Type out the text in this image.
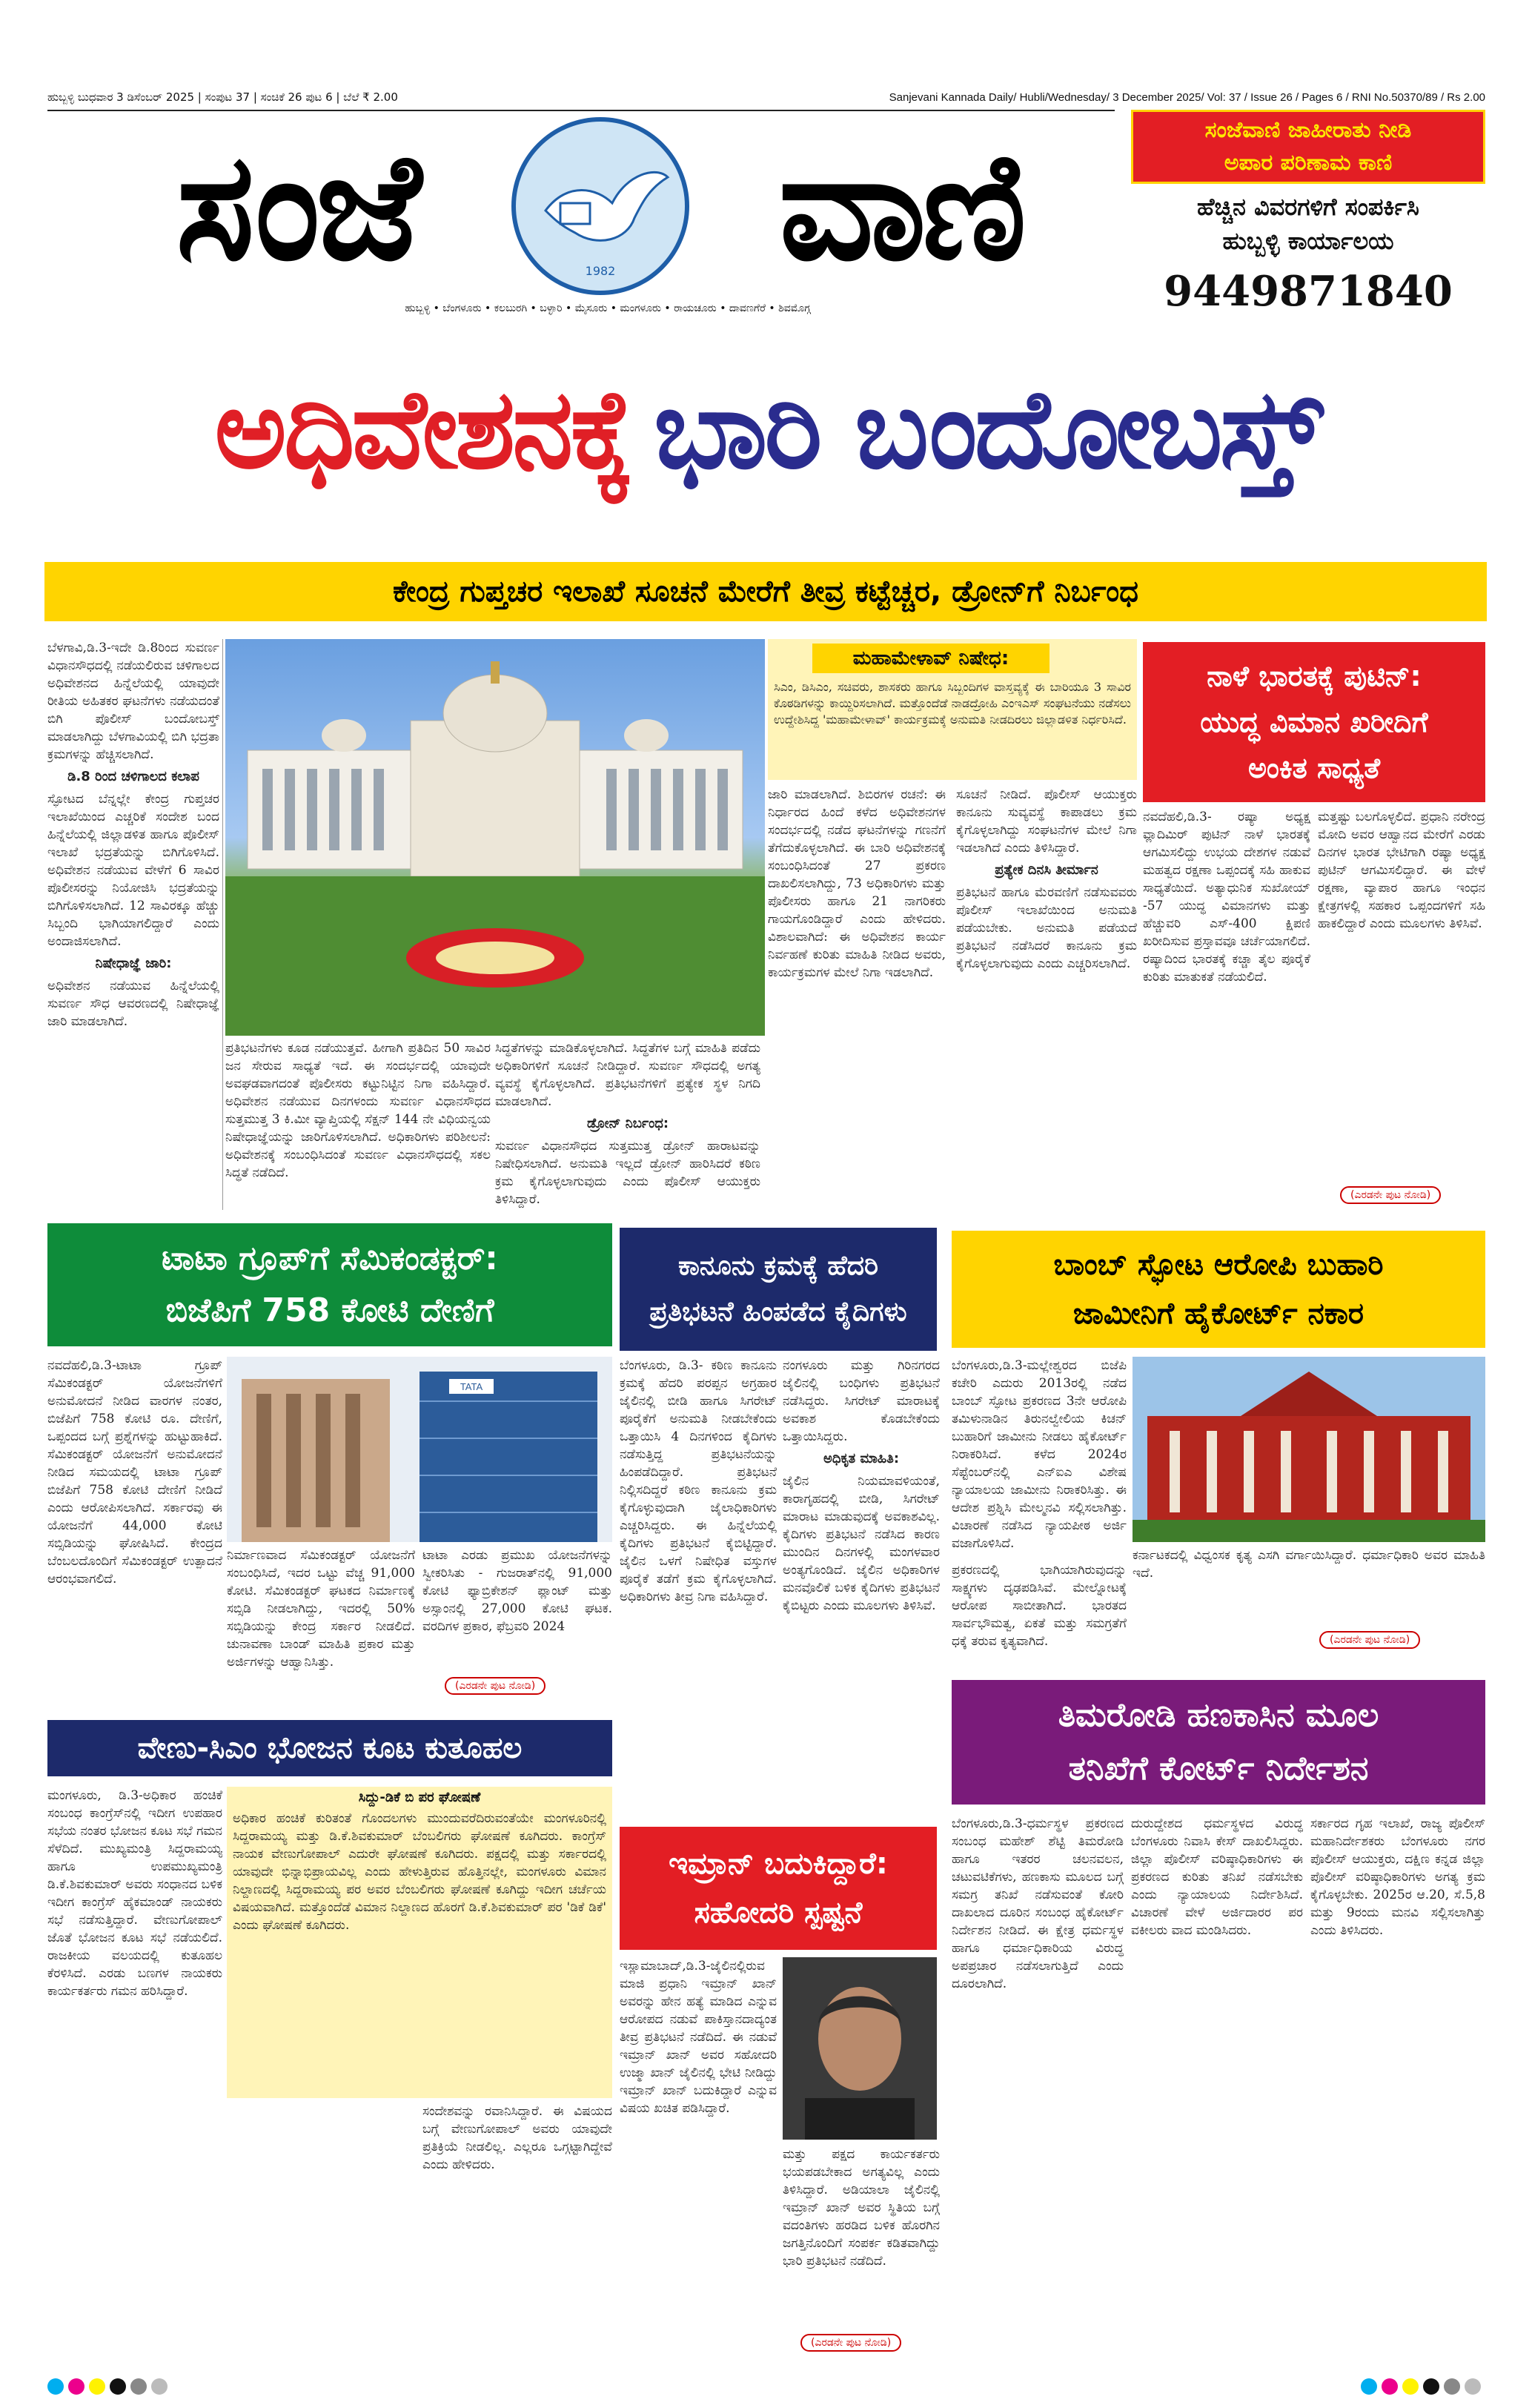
ಹುಬ್ಬಳ್ಳಿ ಬುಧವಾರ 3 ಡಿಸೆಂಬರ್ 2025 | ಸಂಪುಟ 37 | ಸಂಚಿಕೆ 26 ಪುಟ 6 | ಬೆಲೆ ₹ 2.00	Sanjevani Kannada Daily/ Hubli/Wednesday/ 3 December 2025/ Vol: 37 / Issue 26 / Pages 6 / RNI No.50370/89 / Rs 2.00
ಸಂಜೆ	1982	ವಾಣಿ
ಹುಬ್ಬಳ್ಳಿ • ಬೆಂಗಳೂರು • ಕಲಬುರಗಿ • ಬಳ್ಳಾರಿ • ಮೈಸೂರು • ಮಂಗಳೂರು • ರಾಯಚೂರು • ದಾವಣಗೆರೆ • ಶಿವಮೊಗ್ಗ
ಸಂಜೆವಾಣಿ ಜಾಹೀರಾತು ನೀಡಿ
ಅಪಾರ ಪರಿಣಾಮ ಕಾಣಿ
ಹೆಚ್ಚಿನ ವಿವರಗಳಿಗೆ ಸಂಪರ್ಕಿಸಿ
ಹುಬ್ಬಳ್ಳಿ ಕಾರ್ಯಾಲಯ
9449871840
ಅಧಿವೇಶನಕ್ಕೆ ಭಾರಿ ಬಂದೋಬಸ್ತ್
ಕೇಂದ್ರ ಗುಪ್ತಚರ ಇಲಾಖೆ ಸೂಚನೆ ಮೇರೆಗೆ ತೀವ್ರ ಕಟ್ಟೆಚ್ಚರ, ಡ್ರೋನ್‌ಗೆ ನಿರ್ಬಂಧ
ಬೆಳಗಾವಿ,ಡಿ.3-ಇದೇ ಡಿ.8ರಿಂದ ಸುವರ್ಣ ವಿಧಾನಸೌಧದಲ್ಲಿ ನಡೆಯಲಿರುವ ಚಳಿಗಾಲದ ಅಧಿವೇಶನದ ಹಿನ್ನೆಲೆಯಲ್ಲಿ ಯಾವುದೇ ರೀತಿಯ ಅಹಿತಕರ ಘಟನೆಗಳು ನಡೆಯದಂತೆ ಬಿಗಿ ಪೊಲೀಸ್ ಬಂದೋಬಸ್ತ್ ಮಾಡಲಾಗಿದ್ದು ಬೆಳಗಾವಿಯಲ್ಲಿ ಬಿಗಿ ಭದ್ರತಾ ಕ್ರಮಗಳನ್ನು ಹೆಚ್ಚಿಸಲಾಗಿದೆ.
ಡಿ.8 ರಿಂದ ಚಳಿಗಾಲದ ಕಲಾಪ
ಸ್ಫೋಟದ ಬೆನ್ನಲ್ಲೇ ಕೇಂದ್ರ ಗುಪ್ತಚರ ಇಲಾಖೆಯಿಂದ ಎಚ್ಚರಿಕೆ ಸಂದೇಶ ಬಂದ ಹಿನ್ನೆಲೆಯಲ್ಲಿ ಜಿಲ್ಲಾಡಳಿತ ಹಾಗೂ ಪೊಲೀಸ್ ಇಲಾಖೆ ಭದ್ರತೆಯನ್ನು ಬಿಗಿಗೊಳಿಸಿದೆ. ಅಧಿವೇಶನ ನಡೆಯುವ ವೇಳೆಗೆ 6 ಸಾವಿರ ಪೊಲೀಸರನ್ನು ನಿಯೋಜಿಸಿ ಭದ್ರತೆಯನ್ನು ಬಿಗಿಗೊಳಿಸಲಾಗಿದೆ. 12 ಸಾವಿರಕ್ಕೂ ಹೆಚ್ಚು ಸಿಬ್ಬಂದಿ ಭಾಗಿಯಾಗಲಿದ್ದಾರೆ ಎಂದು ಅಂದಾಜಿಸಲಾಗಿದೆ.
ನಿಷೇಧಾಜ್ಞೆ ಜಾರಿ:
ಅಧಿವೇಶನ ನಡೆಯುವ ಹಿನ್ನೆಲೆಯಲ್ಲಿ ಸುವರ್ಣ ಸೌಧ ಆವರಣದಲ್ಲಿ ನಿಷೇಧಾಜ್ಞೆ ಜಾರಿ ಮಾಡಲಾಗಿದೆ.
ಪ್ರತಿಭಟನೆಗಳು ಕೂಡ ನಡೆಯುತ್ತವೆ. ಹೀಗಾಗಿ ಪ್ರತಿದಿನ 50 ಸಾವಿರ ಜನ ಸೇರುವ ಸಾಧ್ಯತೆ ಇದೆ. ಈ ಸಂದರ್ಭದಲ್ಲಿ ಯಾವುದೇ ಅವಘಡವಾಗದಂತೆ ಪೊಲೀಸರು ಕಟ್ಟುನಿಟ್ಟಿನ ನಿಗಾ ವಹಿಸಿದ್ದಾರೆ. ಅಧಿವೇಶನ ನಡೆಯುವ ದಿನಗಳಂದು ಸುವರ್ಣ ವಿಧಾನಸೌಧದ ಸುತ್ತಮುತ್ತ 3 ಕಿ.ಮೀ ವ್ಯಾಪ್ತಿಯಲ್ಲಿ ಸೆಕ್ಷನ್ 144 ನೇ ವಿಧಿಯನ್ವಯ ನಿಷೇಧಾಜ್ಞೆಯನ್ನು ಜಾರಿಗೊಳಿಸಲಾಗಿದೆ. ಅಧಿಕಾರಿಗಳು ಪರಿಶೀಲನೆ: ಅಧಿವೇಶನಕ್ಕೆ ಸಂಬಂಧಿಸಿದಂತೆ ಸುವರ್ಣ ವಿಧಾನಸೌಧದಲ್ಲಿ ಸಕಲ ಸಿದ್ಧತೆ ನಡೆದಿದೆ.
ಸಿದ್ಧತೆಗಳನ್ನು ಮಾಡಿಕೊಳ್ಳಲಾಗಿದೆ. ಸಿದ್ಧತೆಗಳ ಬಗ್ಗೆ ಮಾಹಿತಿ ಪಡೆದು ಅಧಿಕಾರಿಗಳಿಗೆ ಸೂಚನೆ ನೀಡಿದ್ದಾರೆ. ಸುವರ್ಣ ಸೌಧದಲ್ಲಿ ಅಗತ್ಯ ವ್ಯವಸ್ಥೆ ಕೈಗೊಳ್ಳಲಾಗಿದೆ. ಪ್ರತಿಭಟನೆಗಳಿಗೆ ಪ್ರತ್ಯೇಕ ಸ್ಥಳ ನಿಗದಿ ಮಾಡಲಾಗಿದೆ.
ಡ್ರೋನ್ ನಿರ್ಬಂಧ:
ಸುವರ್ಣ ವಿಧಾನಸೌಧದ ಸುತ್ತಮುತ್ತ ಡ್ರೋನ್ ಹಾರಾಟವನ್ನು ನಿಷೇಧಿಸಲಾಗಿದೆ. ಅನುಮತಿ ಇಲ್ಲದೆ ಡ್ರೋನ್ ಹಾರಿಸಿದರೆ ಕಠಿಣ ಕ್ರಮ ಕೈಗೊಳ್ಳಲಾಗುವುದು ಎಂದು ಪೊಲೀಸ್ ಆಯುಕ್ತರು ತಿಳಿಸಿದ್ದಾರೆ.
ಮಹಾಮೇಳಾವ್ ನಿಷೇಧ:
ಸಿಎಂ, ಡಿಸಿಎಂ, ಸಚಿವರು, ಶಾಸಕರು ಹಾಗೂ ಸಿಬ್ಬಂದಿಗಳ ವಾಸ್ತವ್ಯಕ್ಕೆ ಈ ಬಾರಿಯೂ 3 ಸಾವಿರ ಕೊಠಡಿಗಳನ್ನು ಕಾಯ್ದಿರಿಸಲಾಗಿದೆ. ಮತ್ತೊಂದೆಡೆ ನಾಡದ್ರೋಹಿ ಎಂಇಎಸ್ ಸಂಘಟನೆಯು ನಡೆಸಲು ಉದ್ದೇಶಿಸಿದ್ದ 'ಮಹಾಮೇಳಾವ್' ಕಾರ್ಯಕ್ರಮಕ್ಕೆ ಅನುಮತಿ ನೀಡದಿರಲು ಜಿಲ್ಲಾಡಳಿತ ನಿರ್ಧರಿಸಿದೆ.
ಜಾರಿ ಮಾಡಲಾಗಿದೆ. ಶಿಬಿರಗಳ ರಚನೆ: ಈ ನಿರ್ಧಾರದ ಹಿಂದೆ ಕಳೆದ ಅಧಿವೇಶನಗಳ ಸಂದರ್ಭದಲ್ಲಿ ನಡೆದ ಘಟನೆಗಳನ್ನು ಗಣನೆಗೆ ತೆಗೆದುಕೊಳ್ಳಲಾಗಿದೆ. ಈ ಬಾರಿ ಅಧಿವೇಶನಕ್ಕೆ ಸಂಬಂಧಿಸಿದಂತೆ 27 ಪ್ರಕರಣ ದಾಖಲಿಸಲಾಗಿದ್ದು, 73 ಅಧಿಕಾರಿಗಳು ಮತ್ತು ಪೊಲೀಸರು ಹಾಗೂ 21 ನಾಗರಿಕರು ಗಾಯಗೊಂಡಿದ್ದಾರೆ ಎಂದು ಹೇಳಿದರು. ವಿಶಾಲವಾಗಿದೆ: ಈ ಅಧಿವೇಶನ ಕಾರ್ಯ ನಿರ್ವಹಣೆ ಕುರಿತು ಮಾಹಿತಿ ನೀಡಿದ ಅವರು, ಕಾರ್ಯಕ್ರಮಗಳ ಮೇಲೆ ನಿಗಾ ಇಡಲಾಗಿದೆ.
ಸೂಚನೆ ನೀಡಿದೆ. ಪೊಲೀಸ್ ಆಯುಕ್ತರು ಕಾನೂನು ಸುವ್ಯವಸ್ಥೆ ಕಾಪಾಡಲು ಕ್ರಮ ಕೈಗೊಳ್ಳಲಾಗಿದ್ದು ಸಂಘಟನೆಗಳ ಮೇಲೆ ನಿಗಾ ಇಡಲಾಗಿದೆ ಎಂದು ತಿಳಿಸಿದ್ದಾರೆ.
ಪ್ರತ್ಯೇಕ ದಿನಸಿ ತೀರ್ಮಾನ
ಪ್ರತಿಭಟನೆ ಹಾಗೂ ಮೆರವಣಿಗೆ ನಡೆಸುವವರು ಪೊಲೀಸ್ ಇಲಾಖೆಯಿಂದ ಅನುಮತಿ ಪಡೆಯಬೇಕು. ಅನುಮತಿ ಪಡೆಯದೆ ಪ್ರತಿಭಟನೆ ನಡೆಸಿದರೆ ಕಾನೂನು ಕ್ರಮ ಕೈಗೊಳ್ಳಲಾಗುವುದು ಎಂದು ಎಚ್ಚರಿಸಲಾಗಿದೆ.
ನಾಳೆ ಭಾರತಕ್ಕೆ ಪುಟಿನ್:
ಯುದ್ಧ ವಿಮಾನ ಖರೀದಿಗೆ
ಅಂಕಿತ ಸಾಧ್ಯತೆ
ನವದೆಹಲಿ,ಡಿ.3- ರಷ್ಯಾ ಅಧ್ಯಕ್ಷ ವ್ಲಾದಿಮಿರ್ ಪುಟಿನ್ ನಾಳೆ ಭಾರತಕ್ಕೆ ಆಗಮಿಸಲಿದ್ದು ಉಭಯ ದೇಶಗಳ ನಡುವೆ ಮಹತ್ವದ ರಕ್ಷಣಾ ಒಪ್ಪಂದಕ್ಕೆ ಸಹಿ ಹಾಕುವ ಸಾಧ್ಯತೆಯಿದೆ. ಅತ್ಯಾಧುನಿಕ ಸುಖೋಯ್ -57 ಯುದ್ಧ ವಿಮಾನಗಳು ಮತ್ತು ಹೆಚ್ಚುವರಿ ಎಸ್-400 ಕ್ಷಿಪಣಿ ಖರೀದಿಸುವ ಪ್ರಸ್ತಾವವೂ ಚರ್ಚೆಯಾಗಲಿದೆ. ರಷ್ಯಾದಿಂದ ಭಾರತಕ್ಕೆ ಕಚ್ಚಾ ತೈಲ ಪೂರೈಕೆ ಕುರಿತು ಮಾತುಕತೆ ನಡೆಯಲಿದೆ.
ಮತ್ತಷ್ಟು ಬಲಗೊಳ್ಳಲಿದೆ. ಪ್ರಧಾನಿ ನರೇಂದ್ರ ಮೋದಿ ಅವರ ಆಹ್ವಾನದ ಮೇರೆಗೆ ಎರಡು ದಿನಗಳ ಭಾರತ ಭೇಟಿಗಾಗಿ ರಷ್ಯಾ ಅಧ್ಯಕ್ಷ ಪುಟಿನ್ ಆಗಮಿಸಲಿದ್ದಾರೆ. ಈ ವೇಳೆ ರಕ್ಷಣಾ, ವ್ಯಾಪಾರ ಹಾಗೂ ಇಂಧನ ಕ್ಷೇತ್ರಗಳಲ್ಲಿ ಸಹಕಾರ ಒಪ್ಪಂದಗಳಿಗೆ ಸಹಿ ಹಾಕಲಿದ್ದಾರೆ ಎಂದು ಮೂಲಗಳು ತಿಳಿಸಿವೆ.
(ಎರಡನೇ ಪುಟ ನೋಡಿ)
ಟಾಟಾ ಗ್ರೂಪ್‌ಗೆ ಸೆಮಿಕಂಡಕ್ಟರ್:
ಬಿಜೆಪಿಗೆ 758 ಕೋಟಿ ದೇಣಿಗೆ
ನವದೆಹಲಿ,ಡಿ.3-ಟಾಟಾ ಗ್ರೂಪ್ ಸೆಮಿಕಂಡಕ್ಟರ್ ಯೋಜನೆಗಳಿಗೆ ಅನುಮೋದನೆ ನೀಡಿದ ವಾರಗಳ ನಂತರ, ಬಿಜೆಪಿಗೆ 758 ಕೋಟಿ ರೂ. ದೇಣಿಗೆ, ಒಪ್ಪಂದದ ಬಗ್ಗೆ ಪ್ರಶ್ನೆಗಳನ್ನು ಹುಟ್ಟುಹಾಕಿದೆ. ಸೆಮಿಕಂಡಕ್ಟರ್ ಯೋಜನೆಗೆ ಅನುಮೋದನೆ ನೀಡಿದ ಸಮಯದಲ್ಲಿ ಟಾಟಾ ಗ್ರೂಪ್ ಬಿಜೆಪಿಗೆ 758 ಕೋಟಿ ದೇಣಿಗೆ ನೀಡಿದೆ ಎಂದು ಆರೋಪಿಸಲಾಗಿದೆ. ಸರ್ಕಾರವು ಈ ಯೋಜನೆಗೆ 44,000 ಕೋಟಿ ಸಬ್ಸಿಡಿಯನ್ನು ಘೋಷಿಸಿದೆ. ಕೇಂದ್ರದ ಬೆಂಬಲದೊಂದಿಗೆ ಸೆಮಿಕಂಡಕ್ಟರ್ ಉತ್ಪಾದನೆ ಆರಂಭವಾಗಲಿದೆ.
TATA
ನಿರ್ಮಾಣವಾದ ಸೆಮಿಕಂಡಕ್ಟರ್ ಯೋಜನೆಗೆ ಸಂಬಂಧಿಸಿದೆ, ಇದರ ಒಟ್ಟು ವೆಚ್ಚ 91,000 ಕೋಟಿ. ಸೆಮಿಕಂಡಕ್ಟರ್ ಘಟಕದ ನಿರ್ಮಾಣಕ್ಕೆ ಸಬ್ಸಿಡಿ ನೀಡಲಾಗಿದ್ದು, ಇದರಲ್ಲಿ 50% ಸಬ್ಸಿಡಿಯನ್ನು ಕೇಂದ್ರ ಸರ್ಕಾರ ನೀಡಲಿದೆ. ಚುನಾವಣಾ ಬಾಂಡ್ ಮಾಹಿತಿ ಪ್ರಕಾರ ಮತ್ತು ಅರ್ಜಿಗಳನ್ನು ಆಹ್ವಾನಿಸಿತ್ತು.
ಟಾಟಾ ಎರಡು ಪ್ರಮುಖ ಯೋಜನೆಗಳನ್ನು ಸ್ವೀಕರಿಸಿತು - ಗುಜರಾತ್‌ನಲ್ಲಿ 91,000 ಕೋಟಿ ಫ್ಯಾಬ್ರಿಕೇಶನ್ ಪ್ಲಾಂಟ್ ಮತ್ತು ಅಸ್ಸಾಂನಲ್ಲಿ 27,000 ಕೋಟಿ ಘಟಕ. ವರದಿಗಳ ಪ್ರಕಾರ, ಫೆಬ್ರವರಿ 2024
(ಎರಡನೇ ಪುಟ ನೋಡಿ)
ಕಾನೂನು ಕ್ರಮಕ್ಕೆ ಹೆದರಿ
ಪ್ರತಿಭಟನೆ ಹಿಂಪಡೆದ ಕೈದಿಗಳು
ಬೆಂಗಳೂರು, ಡಿ.3- ಕಠಿಣ ಕಾನೂನು ಕ್ರಮಕ್ಕೆ ಹೆದರಿ ಪರಪ್ಪನ ಅಗ್ರಹಾರ ಜೈಲಿನಲ್ಲಿ ಬೀಡಿ ಹಾಗೂ ಸಿಗರೇಟ್ ಪೂರೈಕೆಗೆ ಅನುಮತಿ ನೀಡಬೇಕೆಂದು ಒತ್ತಾಯಿಸಿ 4 ದಿನಗಳಿಂದ ಕೈದಿಗಳು ನಡೆಸುತ್ತಿದ್ದ ಪ್ರತಿಭಟನೆಯನ್ನು ಹಿಂಪಡೆದಿದ್ದಾರೆ. ಪ್ರತಿಭಟನೆ ನಿಲ್ಲಿಸದಿದ್ದರೆ ಕಠಿಣ ಕಾನೂನು ಕ್ರಮ ಕೈಗೊಳ್ಳುವುದಾಗಿ ಜೈಲಾಧಿಕಾರಿಗಳು ಎಚ್ಚರಿಸಿದ್ದರು. ಈ ಹಿನ್ನೆಲೆಯಲ್ಲಿ ಕೈದಿಗಳು ಪ್ರತಿಭಟನೆ ಕೈಬಿಟ್ಟಿದ್ದಾರೆ. ಜೈಲಿನ ಒಳಗೆ ನಿಷೇಧಿತ ವಸ್ತುಗಳ ಪೂರೈಕೆ ತಡೆಗೆ ಕ್ರಮ ಕೈಗೊಳ್ಳಲಾಗಿದೆ. ಅಧಿಕಾರಿಗಳು ತೀವ್ರ ನಿಗಾ ವಹಿಸಿದ್ದಾರೆ.
ನಂಗಳೂರು ಮತ್ತು ಗಿರಿನಗರದ ಜೈಲಿನಲ್ಲಿ ಬಂಧಿಗಳು ಪ್ರತಿಭಟನೆ ನಡೆಸಿದ್ದರು. ಸಿಗರೇಟ್ ಮಾರಾಟಕ್ಕೆ ಅವಕಾಶ ಕೊಡಬೇಕೆಂದು ಒತ್ತಾಯಿಸಿದ್ದರು.
ಅಧಿಕೃತ ಮಾಹಿತಿ:
ಜೈಲಿನ ನಿಯಮಾವಳಿಯಂತೆ, ಕಾರಾಗೃಹದಲ್ಲಿ ಬೀಡಿ, ಸಿಗರೇಟ್ ಮಾರಾಟ ಮಾಡುವುದಕ್ಕೆ ಅವಕಾಶವಿಲ್ಲ. ಕೈದಿಗಳು ಪ್ರತಿಭಟನೆ ನಡೆಸಿದ ಕಾರಣ ಮುಂದಿನ ದಿನಗಳಲ್ಲಿ ಮಂಗಳವಾರ ಅಂತ್ಯಗೊಂಡಿದೆ. ಜೈಲಿನ ಅಧಿಕಾರಿಗಳ ಮನವೊಲಿಕೆ ಬಳಿಕ ಕೈದಿಗಳು ಪ್ರತಿಭಟನೆ ಕೈಬಿಟ್ಟರು ಎಂದು ಮೂಲಗಳು ತಿಳಿಸಿವೆ.
ಬಾಂಬ್ ಸ್ಫೋಟ ಆರೋಪಿ ಬುಹಾರಿ
ಜಾಮೀನಿಗೆ ಹೈಕೋರ್ಟ್ ನಕಾರ
ಬೆಂಗಳೂರು,ಡಿ.3-ಮಲ್ಲೇಶ್ವರದ ಬಿಜೆಪಿ ಕಚೇರಿ ಎದುರು 2013ರಲ್ಲಿ ನಡೆದ ಬಾಂಬ್ ಸ್ಫೋಟ ಪ್ರಕರಣದ 3ನೇ ಆರೋಪಿ ತಮಿಳುನಾಡಿನ ತಿರುನಲ್ವೇಲಿಯ ಕಿಚನ್ ಬುಹಾರಿಗೆ ಜಾಮೀನು ನೀಡಲು ಹೈಕೋರ್ಟ್ ನಿರಾಕರಿಸಿದೆ. ಕಳೆದ 2024ರ ಸೆಪ್ಟೆಂಬರ್‌ನಲ್ಲಿ ಎನ್‌ಐಎ ವಿಶೇಷ ನ್ಯಾಯಾಲಯ ಜಾಮೀನು ನಿರಾಕರಿಸಿತ್ತು. ಈ ಆದೇಶ ಪ್ರಶ್ನಿಸಿ ಮೇಲ್ಮನವಿ ಸಲ್ಲಿಸಲಾಗಿತ್ತು. ವಿಚಾರಣೆ ನಡೆಸಿದ ನ್ಯಾಯಪೀಠ ಅರ್ಜಿ ವಜಾಗೊಳಿಸಿದೆ.
ಪ್ರಕರಣದಲ್ಲಿ ಭಾಗಿಯಾಗಿರುವುದನ್ನು ಸಾಕ್ಷ್ಯಗಳು ದೃಢಪಡಿಸಿವೆ. ಮೇಲ್ನೋಟಕ್ಕೆ ಆರೋಪ ಸಾಬೀತಾಗಿದೆ. ಭಾರತದ ಸಾರ್ವಭೌಮತ್ವ, ಏಕತೆ ಮತ್ತು ಸಮಗ್ರತೆಗೆ ಧಕ್ಕೆ ತರುವ ಕೃತ್ಯವಾಗಿದೆ.
ಕರ್ನಾಟಕದಲ್ಲಿ ವಿಧ್ವಂಸಕ ಕೃತ್ಯ ಎಸಗಿ ವರ್ಗಾಯಿಸಿದ್ದಾರೆ. ಧರ್ಮಾಧಿಕಾರಿ ಅವರ ಮಾಹಿತಿ ಇದೆ.
(ಎರಡನೇ ಪುಟ ನೋಡಿ)
ತಿಮರೋಡಿ ಹಣಕಾಸಿನ ಮೂಲ
ತನಿಖೆಗೆ ಕೋರ್ಟ್ ನಿರ್ದೇಶನ
ಬೆಂಗಳೂರು,ಡಿ.3-ಧರ್ಮಸ್ಥಳ ಪ್ರಕರಣದ ಸಂಬಂಧ ಮಹೇಶ್ ಶೆಟ್ಟಿ ತಿಮರೋಡಿ ಹಾಗೂ ಇತರರ ಚಲನವಲನ, ಚಟುವಟಿಕೆಗಳು, ಹಣಕಾಸು ಮೂಲದ ಬಗ್ಗೆ ಸಮಗ್ರ ತನಿಖೆ ನಡೆಸುವಂತೆ ಕೋರಿ ದಾಖಲಾದ ದೂರಿನ ಸಂಬಂಧ ಹೈಕೋರ್ಟ್ ನಿರ್ದೇಶನ ನೀಡಿದೆ. ಈ ಕ್ಷೇತ್ರ ಧರ್ಮಸ್ಥಳ ಹಾಗೂ ಧರ್ಮಾಧಿಕಾರಿಯ ವಿರುದ್ಧ ಅಪಪ್ರಚಾರ ನಡೆಸಲಾಗುತ್ತಿದೆ ಎಂದು ದೂರಲಾಗಿದೆ.
ದುರುದ್ದೇಶದ ಧರ್ಮಸ್ಥಳದ ವಿರುದ್ಧ ಬೆಂಗಳೂರು ನಿವಾಸಿ ಕೇಸ್ ದಾಖಲಿಸಿದ್ದರು. ಜಿಲ್ಲಾ ಪೊಲೀಸ್ ವರಿಷ್ಠಾಧಿಕಾರಿಗಳು ಈ ಪ್ರಕರಣದ ಕುರಿತು ತನಿಖೆ ನಡೆಸಬೇಕು ಎಂದು ನ್ಯಾಯಾಲಯ ನಿರ್ದೇಶಿಸಿದೆ. ವಿಚಾರಣೆ ವೇಳೆ ಅರ್ಜಿದಾರರ ಪರ ವಕೀಲರು ವಾದ ಮಂಡಿಸಿದರು.
ಸರ್ಕಾರದ ಗೃಹ ಇಲಾಖೆ, ರಾಜ್ಯ ಪೊಲೀಸ್ ಮಹಾನಿರ್ದೇಶಕರು ಬೆಂಗಳೂರು ನಗರ ಪೊಲೀಸ್ ಆಯುಕ್ತರು, ದಕ್ಷಿಣ ಕನ್ನಡ ಜಿಲ್ಲಾ ಪೊಲೀಸ್ ವರಿಷ್ಠಾಧಿಕಾರಿಗಳು ಅಗತ್ಯ ಕ್ರಮ ಕೈಗೊಳ್ಳಬೇಕು. 2025ರ ಆ.20, ಸೆ.5,8 ಮತ್ತು 9ರಂದು ಮನವಿ ಸಲ್ಲಿಸಲಾಗಿತ್ತು ಎಂದು ತಿಳಿಸಿದರು.
ವೇಣು-ಸಿಎಂ ಭೋಜನ ಕೂಟ ಕುತೂಹಲ
ಮಂಗಳೂರು, ಡಿ.3-ಅಧಿಕಾರ ಹಂಚಿಕೆ ಸಂಬಂಧ ಕಾಂಗ್ರೆಸ್‌ನಲ್ಲಿ ಇದೀಗ ಉಪಹಾರ ಸಭೆಯ ನಂತರ ಭೋಜನ ಕೂಟ ಸಭೆ ಗಮನ ಸೆಳೆದಿದೆ. ಮುಖ್ಯಮಂತ್ರಿ ಸಿದ್ದರಾಮಯ್ಯ ಹಾಗೂ ಉಪಮುಖ್ಯಮಂತ್ರಿ ಡಿ.ಕೆ.ಶಿವಕುಮಾರ್ ಅವರು ಸಂಧಾನದ ಬಳಿಕ ಇದೀಗ ಕಾಂಗ್ರೆಸ್ ಹೈಕಮಾಂಡ್ ನಾಯಕರು ಸಭೆ ನಡೆಸುತ್ತಿದ್ದಾರೆ. ವೇಣುಗೋಪಾಲ್ ಜೊತೆ ಭೋಜನ ಕೂಟ ಸಭೆ ನಡೆಯಲಿದೆ. ರಾಜಕೀಯ ವಲಯದಲ್ಲಿ ಕುತೂಹಲ ಕೆರಳಿಸಿದೆ. ಎರಡು ಬಣಗಳ ನಾಯಕರು ಕಾರ್ಯಕರ್ತರು ಗಮನ ಹರಿಸಿದ್ದಾರೆ.
ಸಿದ್ದು-ಡಿಕೆ ಬಿ ಪರ ಘೋಷಣೆ
ಅಧಿಕಾರ ಹಂಚಿಕೆ ಕುರಿತಂತೆ ಗೊಂದಲಗಳು ಮುಂದುವರೆದಿರುವಂತೆಯೇ ಮಂಗಳೂರಿನಲ್ಲಿ ಸಿದ್ದರಾಮಯ್ಯ ಮತ್ತು ಡಿ.ಕೆ.ಶಿವಕುಮಾರ್ ಬೆಂಬಲಿಗರು ಘೋಷಣೆ ಕೂಗಿದರು. ಕಾಂಗ್ರೆಸ್ ನಾಯಕ ವೇಣುಗೋಪಾಲ್ ಎದುರೇ ಘೋಷಣೆ ಕೂಗಿದರು. ಪಕ್ಷದಲ್ಲಿ ಮತ್ತು ಸರ್ಕಾರದಲ್ಲಿ ಯಾವುದೇ ಭಿನ್ನಾಭಿಪ್ರಾಯವಿಲ್ಲ ಎಂದು ಹೇಳುತ್ತಿರುವ ಹೊತ್ತಿನಲ್ಲೇ, ಮಂಗಳೂರು ವಿಮಾನ ನಿಲ್ದಾಣದಲ್ಲಿ ಸಿದ್ದರಾಮಯ್ಯ ಪರ ಅವರ ಬೆಂಬಲಿಗರು ಘೋಷಣೆ ಕೂಗಿದ್ದು ಇದೀಗ ಚರ್ಚೆಯ ವಿಷಯವಾಗಿದೆ. ಮತ್ತೊಂದೆಡೆ ವಿಮಾನ ನಿಲ್ದಾಣದ ಹೊರಗೆ ಡಿ.ಕೆ.ಶಿವಕುಮಾರ್ ಪರ 'ಡಿಕೆ ಡಿಕೆ' ಎಂದು ಘೋಷಣೆ ಕೂಗಿದರು.
ಸಂದೇಶವನ್ನು ರವಾನಿಸಿದ್ದಾರೆ. ಈ ವಿಷಯದ ಬಗ್ಗೆ ವೇಣುಗೋಪಾಲ್ ಅವರು ಯಾವುದೇ ಪ್ರತಿಕ್ರಿಯೆ ನೀಡಲಿಲ್ಲ. ಎಲ್ಲರೂ ಒಗ್ಗಟ್ಟಾಗಿದ್ದೇವೆ ಎಂದು ಹೇಳಿದರು.
ಇಮ್ರಾನ್ ಬದುಕಿದ್ದಾರೆ:
ಸಹೋದರಿ ಸ್ಪಷ್ಟನೆ
ಇಸ್ಲಾಮಾಬಾದ್,ಡಿ.3-ಜೈಲಿನಲ್ಲಿರುವ ಮಾಜಿ ಪ್ರಧಾನಿ ಇಮ್ರಾನ್ ಖಾನ್ ಅವರನ್ನು ಹೇನ ಹತ್ಯೆ ಮಾಡಿದ ಎನ್ನುವ ಆರೋಪದ ನಡುವೆ ಪಾಕಿಸ್ತಾನದಾದ್ಯಂತ ತೀವ್ರ ಪ್ರತಿಭಟನೆ ನಡೆದಿದೆ. ಈ ನಡುವೆ ಇಮ್ರಾನ್ ಖಾನ್ ಅವರ ಸಹೋದರಿ ಉಜ್ಮಾ ಖಾನ್ ಜೈಲಿನಲ್ಲಿ ಭೇಟಿ ನೀಡಿದ್ದು ಇಮ್ರಾನ್ ಖಾನ್ ಬದುಕಿದ್ದಾರೆ ಎನ್ನುವ ವಿಷಯ ಖಚಿತ ಪಡಿಸಿದ್ದಾರೆ.
ಮತ್ತು ಪಕ್ಷದ ಕಾರ್ಯಕರ್ತರು ಭಯಪಡಬೇಕಾದ ಅಗತ್ಯವಿಲ್ಲ ಎಂದು ತಿಳಿಸಿದ್ದಾರೆ. ಅಡಿಯಾಲಾ ಜೈಲಿನಲ್ಲಿ ಇಮ್ರಾನ್ ಖಾನ್ ಅವರ ಸ್ಥಿತಿಯ ಬಗ್ಗೆ ವದಂತಿಗಳು ಹರಡಿದ ಬಳಿಕ ಹೊರಗಿನ ಜಗತ್ತಿನೊಂದಿಗೆ ಸಂಪರ್ಕ ಕಡಿತವಾಗಿದ್ದು ಭಾರಿ ಪ್ರತಿಭಟನೆ ನಡೆದಿದೆ.
(ಎರಡನೇ ಪುಟ ನೋಡಿ)
